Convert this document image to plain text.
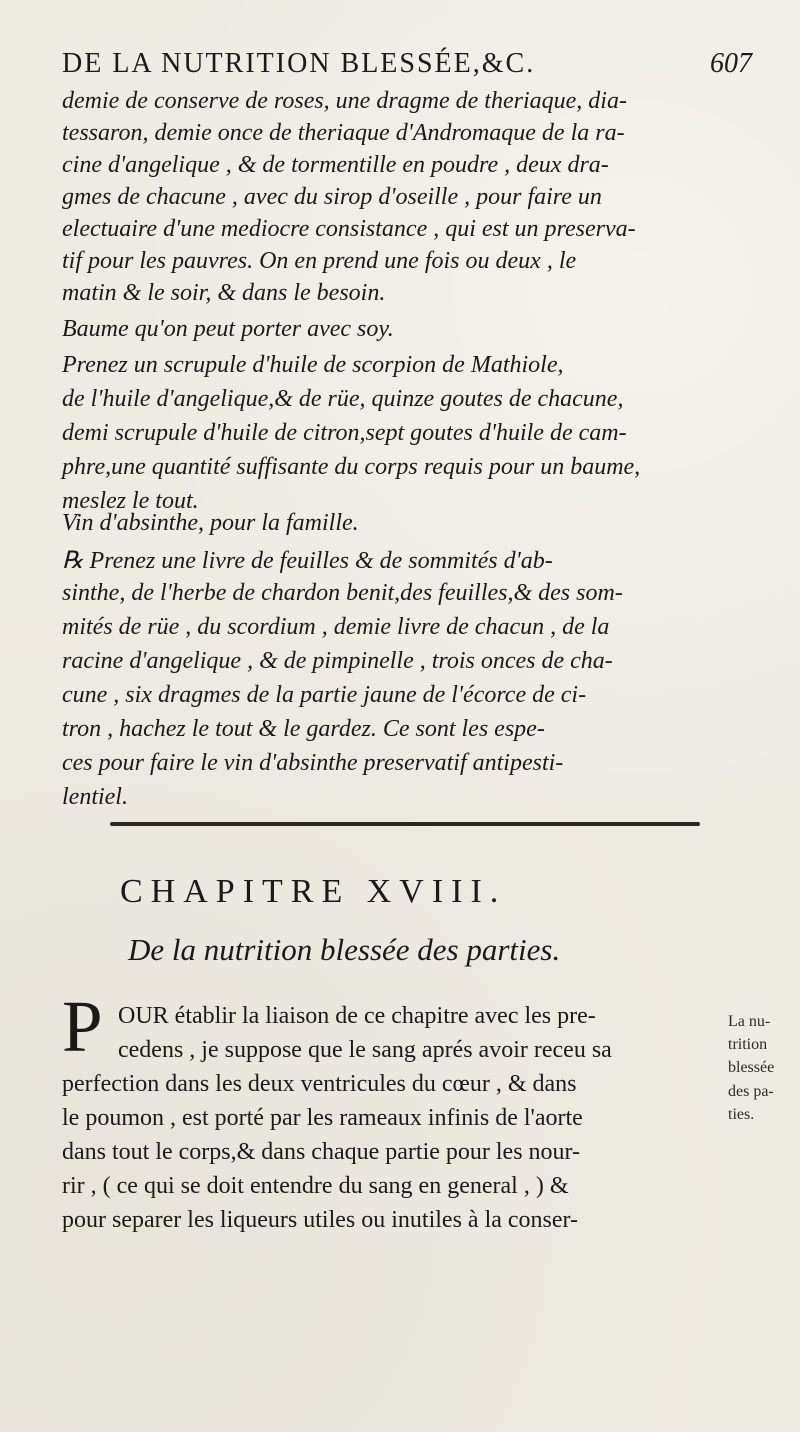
DE LA NUTRITION BLESSÉE,&C.	607
demie de conserve de roses, une dragme de theriaque, dia-
tessaron, demie once de theriaque d'Andromaque de la ra-
cine d'angelique , & de tormentille en poudre , deux dra-
gmes de chacune , avec du sirop d'oseille , pour faire un
electuaire d'une mediocre consistance , qui est un preserva-
tif pour les pauvres. On en prend une fois ou deux , le
matin & le soir, & dans le besoin.
Baume qu'on peut porter avec soy.
Prenez un scrupule d'huile de scorpion de Mathiole,
de l'huile d'angelique,& de rüe, quinze goutes de chacune,
demi scrupule d'huile de citron,sept goutes d'huile de cam-
phre,une quantité suffisante du corps requis pour un baume,
meslez le tout.
Vin d'absinthe, pour la famille.
℞ Prenez une livre de feuilles & de sommités d'ab-
sinthe, de l'herbe de chardon benit,des feuilles,& des som-
mités de rüe , du scordium , demie livre de chacun , de la
racine d'angelique , & de pimpinelle , trois onces de cha-
cune , six dragmes de la partie jaune de l'écorce de ci-
tron , hachez le tout & le gardez. Ce sont les espe-
ces pour faire le vin d'absinthe preservatif antipesti-
lentiel.
CHAPITRE XVIII.
De la nutrition blessée des parties.
P OUR établir la liaison de ce chapitre avec les pre-
cedens , je suppose que le sang aprés avoir receu sa
perfection dans les deux ventricules du cœur , & dans
le poumon , est porté par les rameaux infinis de l'aorte
dans tout le corps,& dans chaque partie pour les nour-
rir , ( ce qui se doit entendre du sang en general , ) &
pour separer les liqueurs utiles ou inutiles à la conser-
La nu-
trition
blessée
des pa-
ties.
